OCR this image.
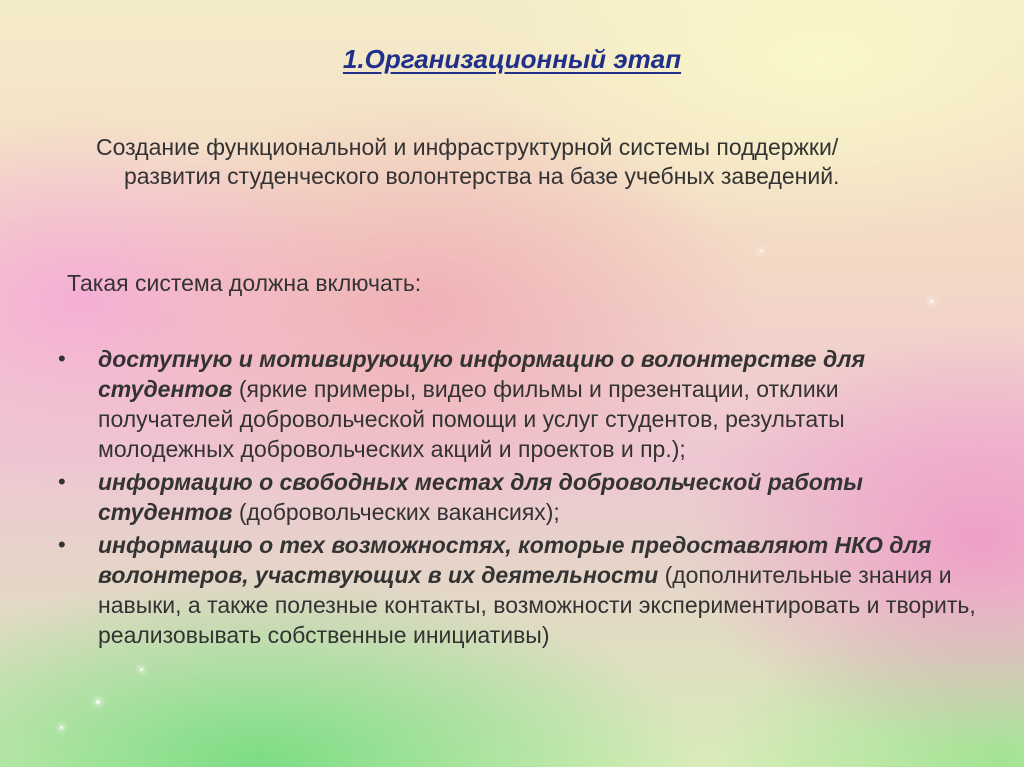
1.Организационный этап
Создание функциональной и инфраструктурной системы поддержки/развития студенческого волонтерства на базе учебных заведений.
Такая система должна включать:
•	доступную и мотивирующую информацию о волонтерстве для студентов (яркие примеры, видео фильмы и презентации, отклики получателей добровольческой помощи и услуг студентов, результаты молодежных добровольческих акций и проектов и пр.);
•	информацию о свободных местах для добровольческой работы студентов (добровольческих вакансиях);
•	информацию о тех возможностях, которые предоставляют НКО для волонтеров, участвующих в их деятельности (дополнительные знания и навыки, а также полезные контакты, возможности экспериментировать и творить, реализовывать собственные инициативы)
